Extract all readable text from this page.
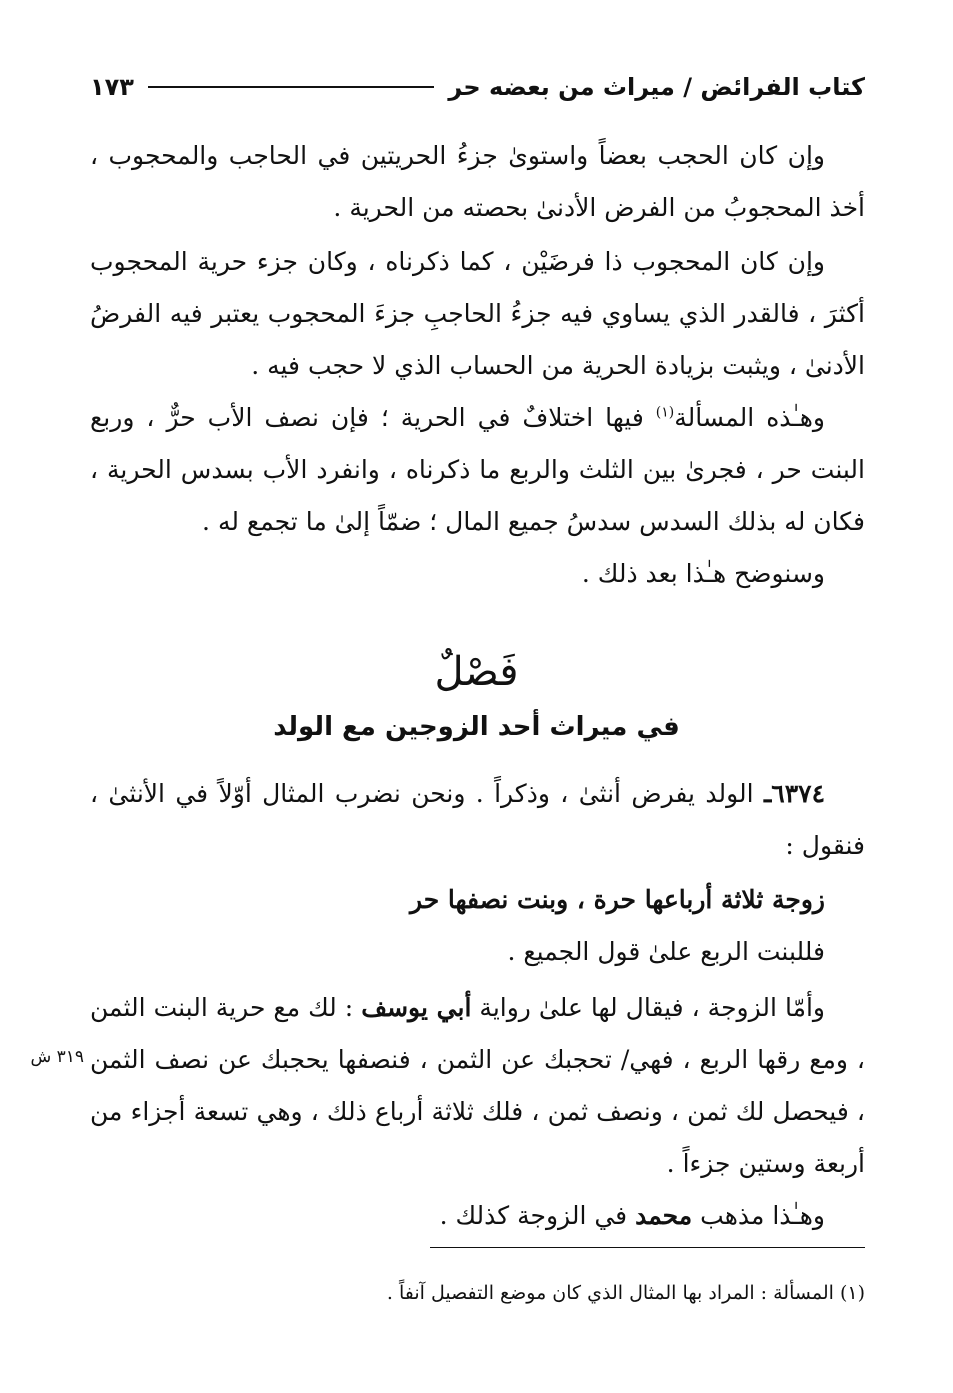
كتاب الفرائض / ميراث من بعضه حر
١٧٣

وإن كان الحجب بعضاً واستوىٰ جزءُ الحريتين في الحاجب والمحجوب ، أخذ المحجوبُ من الفرض الأدنىٰ بحصته من الحرية .

وإن كان المحجوب ذا فرضَيْن ، كما ذكرناه ، وكان جزء حرية المحجوب أكثرَ ، فالقدر الذي يساوي فيه جزءُ الحاجبِ جزءَ المحجوب يعتبر فيه الفرضُ الأدنىٰ ، ويثبت بزيادة الحرية من الحساب الذي لا حجب فيه .

وهـٰذه المسألة$^{(١)}$ فيها اختلافٌ في الحرية ؛ فإن نصف الأب حرٌّ ، وربع البنت حر ، فجرىٰ بين الثلث والربع ما ذكرناه ، وانفرد الأب بسدس الحرية ، فكان له بذلك السدس سدسُ جميع المال ؛ ضمّاً إلىٰ ما تجمع له .

وسنوضح هـٰذا بعد ذلك .

فَصْلٌ
في ميراث أحد الزوجين مع الولد

٦٣٧٤ـ الولد يفرض أنثىٰ ، وذكراً . ونحن نضرب المثال أوّلاً في الأنثىٰ ، فنقول :

زوجة ثلاثة أرباعها حرة ، وبنت نصفها حر

فللبنت الربع علىٰ قول الجميع .

وأمّا الزوجة ، فيقال لها علىٰ رواية أبي يوسف : لك مع حرية البنت الثمن ، ومع رقها الربع ، فهي/ تحجبك عن الثمن ، فنصفها يحجبك عن نصف الثمن ، فيحصل لك ثمن ، ونصف ثمن ، فلك ثلاثة أرباع ذلك ، وهي تسعة أجزاء من أربعة وستين جزءاً .

وهـٰذا مذهب محمد في الزوجة كذلك .

٣١٩ ش
(١) المسألة : المراد بها المثال الذي كان موضع التفصيل آنفاً .
